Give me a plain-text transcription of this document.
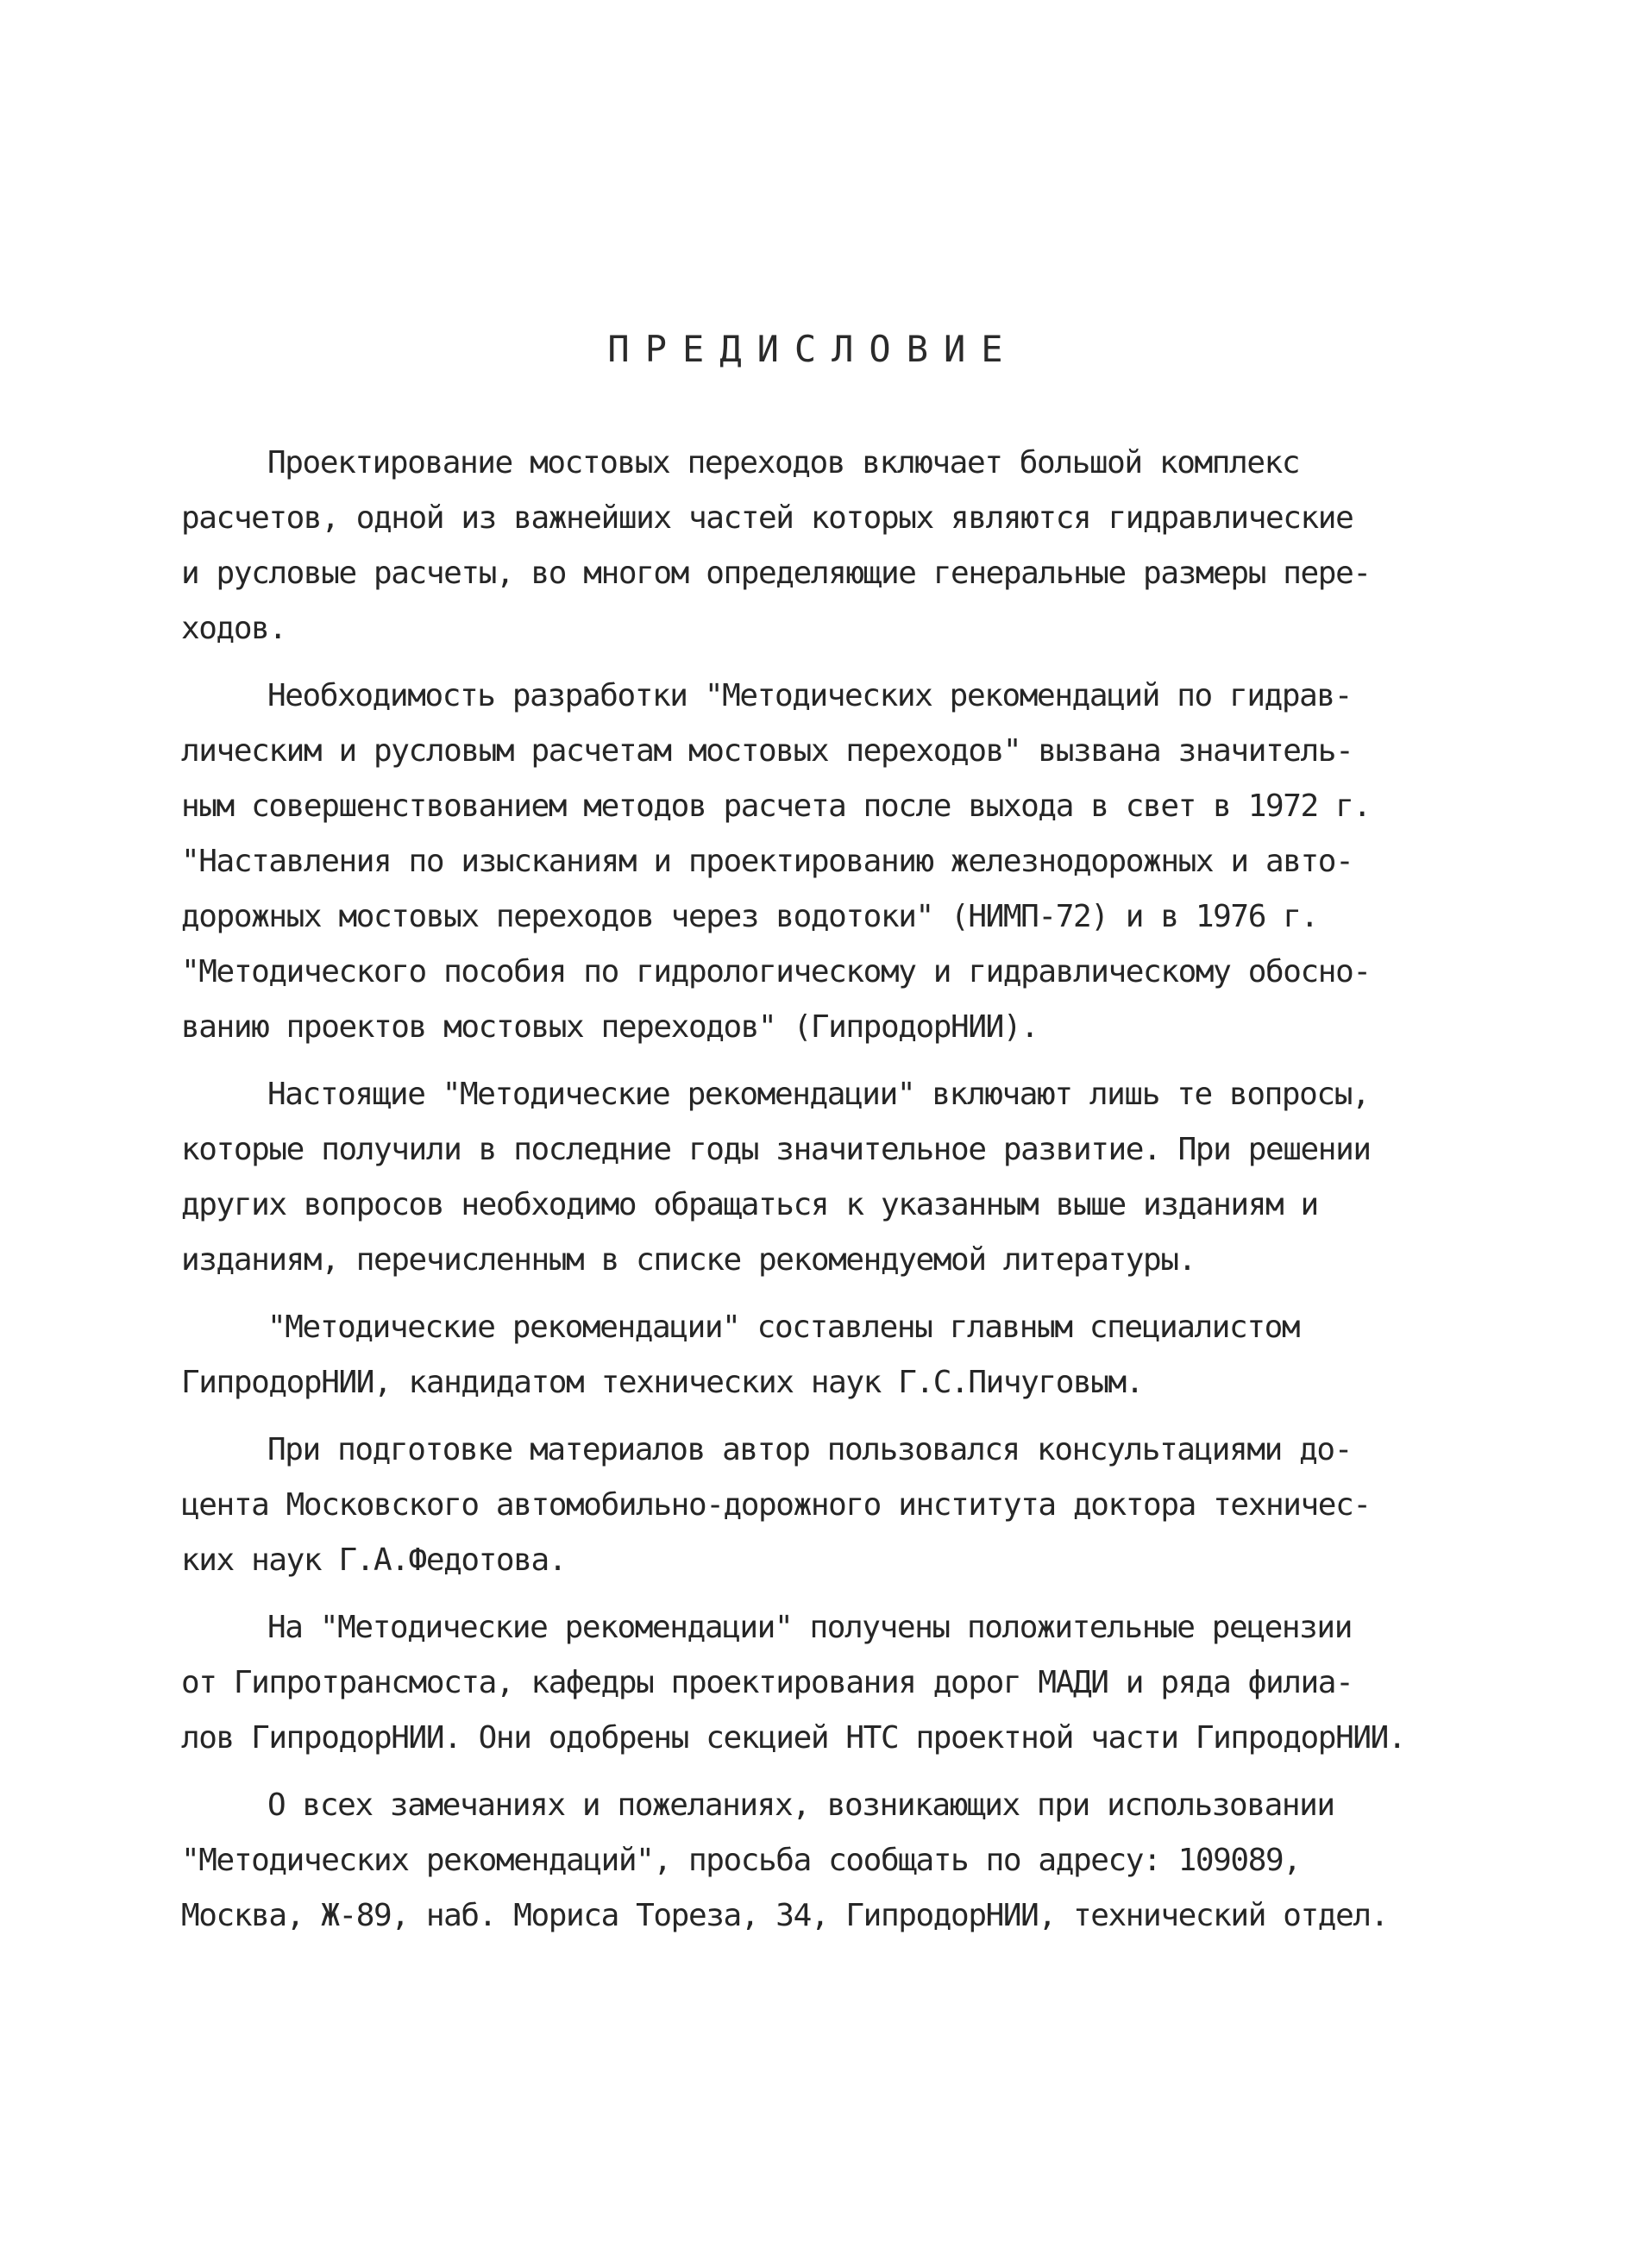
ПРЕДИСЛОВИЕ
Проектирование мостовых переходов включает большой комплекс
расчетов, одной из важнейших частей которых являются гидравлические
и русловые расчеты, во многом определяющие генеральные размеры пере-
ходов.
Необходимость разработки "Методических рекомендаций по гидрав-
лическим и русловым расчетам мостовых переходов" вызвана значитель-
ным совершенствованием методов расчета после выхода в свет в 1972 г.
"Наставления по изысканиям и проектированию железнодорожных и авто-
дорожных мостовых переходов через водотоки" (НИМП-72) и в 1976 г.
"Методического пособия по гидрологическому и гидравлическому обосно-
ванию проектов мостовых переходов" (ГипродорНИИ).
Настоящие "Методические рекомендации" включают лишь те вопросы,
которые получили в последние годы значительное развитие. При решении
других вопросов необходимо обращаться к указанным выше изданиям и
изданиям, перечисленным в списке рекомендуемой литературы.
"Методические рекомендации" составлены главным специалистом
ГипродорНИИ, кандидатом технических наук Г.С.Пичуговым.
При подготовке материалов автор пользовался консультациями до-
цента Московского автомобильно-дорожного института доктора техничес-
ких наук Г.А.Федотова.
На "Методические рекомендации" получены положительные рецензии
от Гипротрансмоста, кафедры проектирования дорог МАДИ и ряда филиа-
лов ГипродорНИИ. Они одобрены секцией НТС проектной части ГипродорНИИ.
О всех замечаниях и пожеланиях, возникающих при использовании
"Методических рекомендаций", просьба сообщать по адресу: 109089,
Москва, Ж-89, наб. Мориса Тореза, 34, ГипродорНИИ, технический отдел.
